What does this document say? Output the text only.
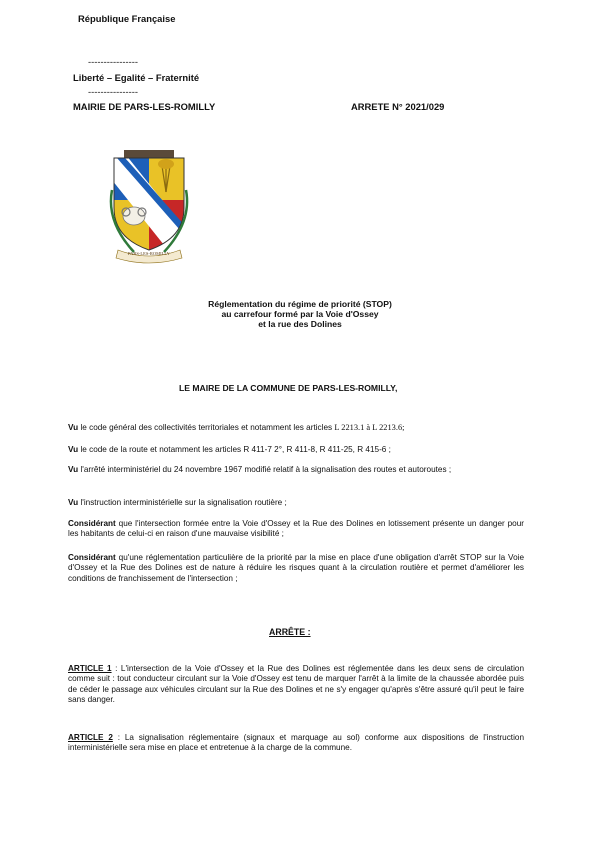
République Française
----------------
Liberté – Egalité – Fraternité
----------------
MAIRIE DE PARS-LES-ROMILLY	ARRETE N° 2021/029
PARS-LES-ROMILLY
Réglementation du régime de priorité (STOP)
au carrefour formé par la Voie d'Ossey
et la rue des Dolines
LE MAIRE DE LA COMMUNE DE PARS-LES-ROMILLY,
Vu le code général des collectivités territoriales et notamment les articles L 2213.1 à L 2213.6;
Vu le code de la route et notamment les articles R 411-7 2°, R 411-8, R 411-25, R 415-6 ;
Vu l'arrêté interministériel du 24 novembre 1967 modifié relatif à la signalisation des routes et autoroutes ;
Vu l'instruction interministérielle sur la signalisation routière ;
Considérant que l'intersection formée entre la Voie d'Ossey et la Rue des Dolines en lotissement présente un danger pour les habitants de celui-ci en raison d'une mauvaise visibilité ;
Considérant qu'une réglementation particulière de la priorité par la mise en place d'une obligation d'arrêt STOP sur la Voie d'Ossey et la Rue des Dolines est de nature à réduire les risques quant à la circulation routière et permet d'améliorer les conditions de franchissement de l'intersection ;
ARRÊTE :
ARTICLE 1 : L'intersection de la Voie d'Ossey et la Rue des Dolines est réglementée dans les deux sens de circulation comme suit : tout conducteur circulant sur la Voie d'Ossey est tenu de marquer l'arrêt à la limite de la chaussée abordée puis de céder le passage aux véhicules circulant sur la Rue des Dolines et ne s'y engager qu'après s'être assuré qu'il peut le faire sans danger.
ARTICLE 2 : La signalisation réglementaire (signaux et marquage au sol) conforme aux dispositions de l'instruction interministérielle sera mise en place et entretenue à la charge de la commune.
